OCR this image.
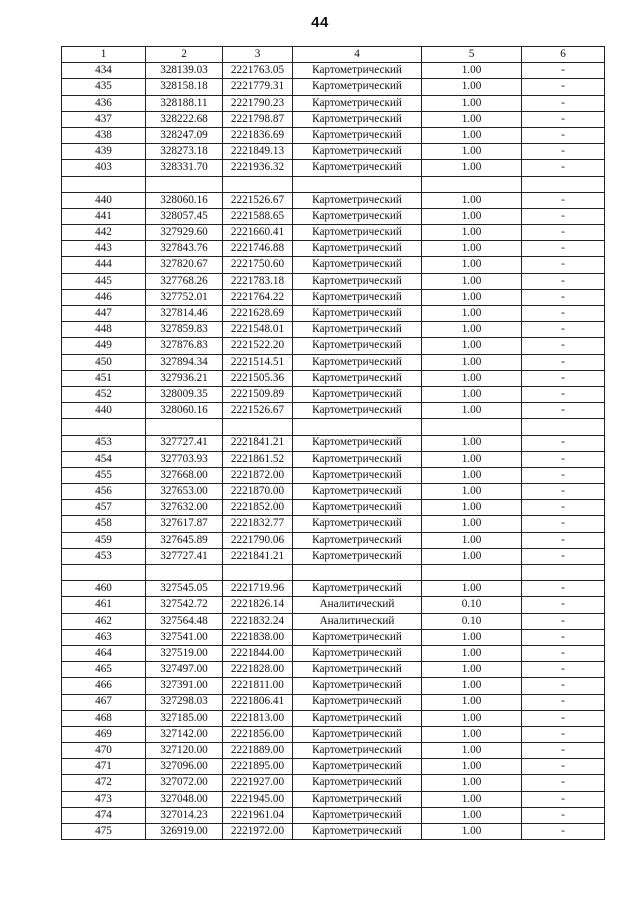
44
1	2	3	4	5	6
434	328139.03	2221763.05	Картометрический	1.00	-
435	328158.18	2221779.31	Картометрический	1.00	-
436	328188.11	2221790.23	Картометрический	1.00	-
437	328222.68	2221798.87	Картометрический	1.00	-
438	328247.09	2221836.69	Картометрический	1.00	-
439	328273.18	2221849.13	Картометрический	1.00	-
403	328331.70	2221936.32	Картометрический	1.00	-

440	328060.16	2221526.67	Картометрический	1.00	-
441	328057.45	2221588.65	Картометрический	1.00	-
442	327929.60	2221660.41	Картометрический	1.00	-
443	327843.76	2221746.88	Картометрический	1.00	-
444	327820.67	2221750.60	Картометрический	1.00	-
445	327768.26	2221783.18	Картометрический	1.00	-
446	327752.01	2221764.22	Картометрический	1.00	-
447	327814.46	2221628.69	Картометрический	1.00	-
448	327859.83	2221548.01	Картометрический	1.00	-
449	327876.83	2221522.20	Картометрический	1.00	-
450	327894.34	2221514.51	Картометрический	1.00	-
451	327936.21	2221505.36	Картометрический	1.00	-
452	328009.35	2221509.89	Картометрический	1.00	-
440	328060.16	2221526.67	Картометрический	1.00	-

453	327727.41	2221841.21	Картометрический	1.00	-
454	327703.93	2221861.52	Картометрический	1.00	-
455	327668.00	2221872.00	Картометрический	1.00	-
456	327653.00	2221870.00	Картометрический	1.00	-
457	327632.00	2221852.00	Картометрический	1.00	-
458	327617.87	2221832.77	Картометрический	1.00	-
459	327645.89	2221790.06	Картометрический	1.00	-
453	327727.41	2221841.21	Картометрический	1.00	-

460	327545.05	2221719.96	Картометрический	1.00	-
461	327542.72	2221826.14	Аналитический	0.10	-
462	327564.48	2221832.24	Аналитический	0.10	-
463	327541.00	2221838.00	Картометрический	1.00	-
464	327519.00	2221844.00	Картометрический	1.00	-
465	327497.00	2221828.00	Картометрический	1.00	-
466	327391.00	2221811.00	Картометрический	1.00	-
467	327298.03	2221806.41	Картометрический	1.00	-
468	327185.00	2221813.00	Картометрический	1.00	-
469	327142.00	2221856.00	Картометрический	1.00	-
470	327120.00	2221889.00	Картометрический	1.00	-
471	327096.00	2221895.00	Картометрический	1.00	-
472	327072.00	2221927.00	Картометрический	1.00	-
473	327048.00	2221945.00	Картометрический	1.00	-
474	327014.23	2221961.04	Картометрический	1.00	-
475	326919.00	2221972.00	Картометрический	1.00	-
